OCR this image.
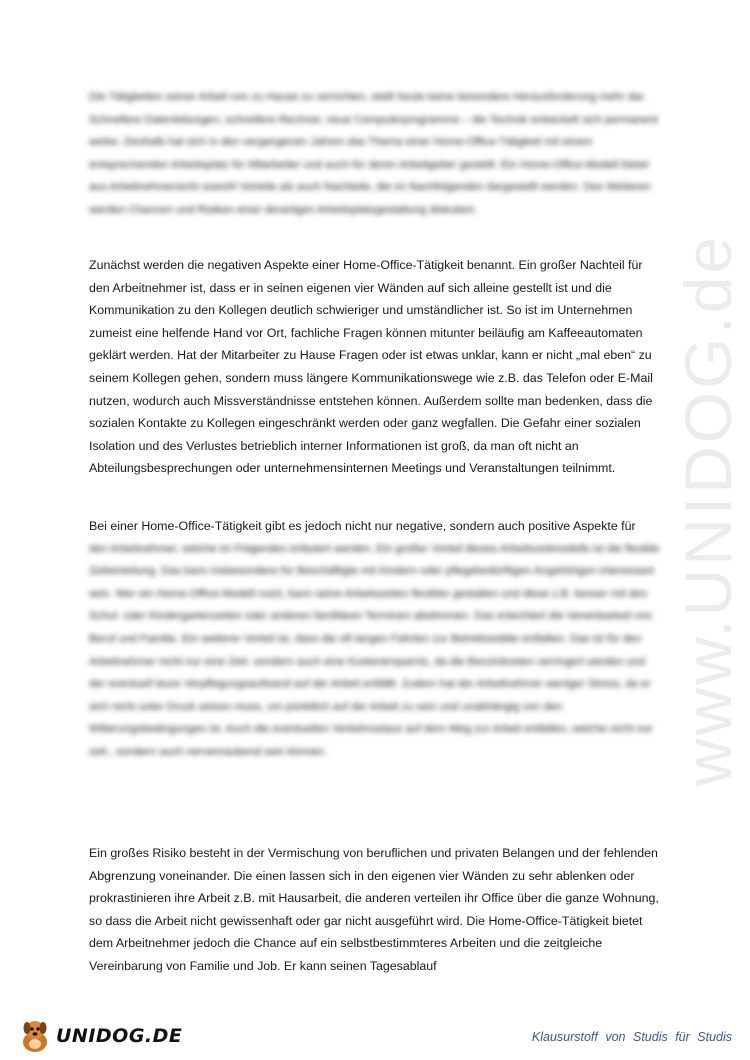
www.UNIDOG.de

Die Tätigkeiten seiner Arbeit von zu Hause zu verrichten, stellt heute keine besondere Herausforderung mehr dar. Schnellere Datenleitungen, schnellere Rechner, neue Computerprogramme – die Technik entwickelt sich permanent weiter. Deshalb hat sich in den vergangenen Jahren das Thema einer Home-Office-Tätigkeit mit einem entsprechenden Arbeitsplatz für Mitarbeiter und auch für deren Arbeitgeber gestellt. Ein Home-Office-Modell bietet aus Arbeitnehmersicht sowohl Vorteile als auch Nachteile, die im Nachfolgenden dargestellt werden. Des Weiteren werden Chancen und Risiken einer derartigen Arbeitsplatzgestaltung diskutiert.

Zunächst werden die negativen Aspekte einer Home-Office-Tätigkeit benannt. Ein großer Nachteil für den Arbeitnehmer ist, dass er in seinen eigenen vier Wänden auf sich alleine gestellt ist und die Kommunikation zu den Kollegen deutlich schwieriger und umständlicher ist. So ist im Unternehmen zumeist eine helfende Hand vor Ort, fachliche Fragen können mitunter beiläufig am Kaffeeautomaten geklärt werden. Hat der Mitarbeiter zu Hause Fragen oder ist etwas unklar, kann er nicht „mal eben“ zu seinem Kollegen gehen, sondern muss längere Kommunikationswege wie z.B. das Telefon oder E-Mail nutzen, wodurch auch Missverständnisse entstehen können. Außerdem sollte man bedenken, dass die sozialen Kontakte zu Kollegen eingeschränkt werden oder ganz wegfallen. Die Gefahr einer sozialen Isolation und des Verlustes betrieblich interner Informationen ist groß, da man oft nicht an Abteilungsbesprechungen oder unternehmensinternen Meetings und Veranstaltungen teilnimmt.

Bei einer Home-Office-Tätigkeit gibt es jedoch nicht nur negative, sondern auch positive Aspekte für
den Arbeitnehmer, welche im Folgenden erläutert werden. Ein großer Vorteil dieses Arbeitszeitmodells ist die flexible Zeiteinteilung. Das kann insbesondere für Beschäftigte mit Kindern oder pflegebedürftigen Angehörigen interessant sein. Wer ein Home-Office-Modell nutzt, kann seine Arbeitszeiten flexibler gestalten und diese z.B. besser mit den Schul- oder Kindergartenzeiten oder anderen familiären Terminen abstimmen. Das erleichtert die Vereinbarkeit von Beruf und Familie. Ein weiterer Vorteil ist, dass die oft langen Fahrten zur Betriebsstätte entfallen. Das ist für den Arbeitnehmer nicht nur eine Zeit- sondern auch eine Kostenersparnis, da die Benzinkosten verringert werden und der eventuell teure Verpflegungsaufwand auf der Arbeit entfällt. Zudem hat der Arbeitnehmer weniger Stress, da er sich nicht unter Druck setzen muss, um pünktlich auf der Arbeit zu sein und unabhängig von den Witterungsbedingungen ist. Auch die eventuellen Verkehrsstaus auf dem Weg zur Arbeit entfallen, welche nicht nur zeit-, sondern auch nervenraubend sein können.

Ein großes Risiko besteht in der Vermischung von beruflichen und privaten Belangen und der fehlenden Abgrenzung voneinander. Die einen lassen sich in den eigenen vier Wänden zu sehr ablenken oder prokrastinieren ihre Arbeit z.B. mit Hausarbeit, die anderen verteilen ihr Office über die ganze Wohnung, so dass die Arbeit nicht gewissenhaft oder gar nicht ausgeführt wird. Die Home-Office-Tätigkeit bietet dem Arbeitnehmer jedoch die Chance auf ein selbstbestimmteres Arbeiten und die zeitgleiche Vereinbarung von Familie und Job. Er kann seinen Tagesablauf

UNIDOG.DE	Klausurstoff von Studis für Studis
